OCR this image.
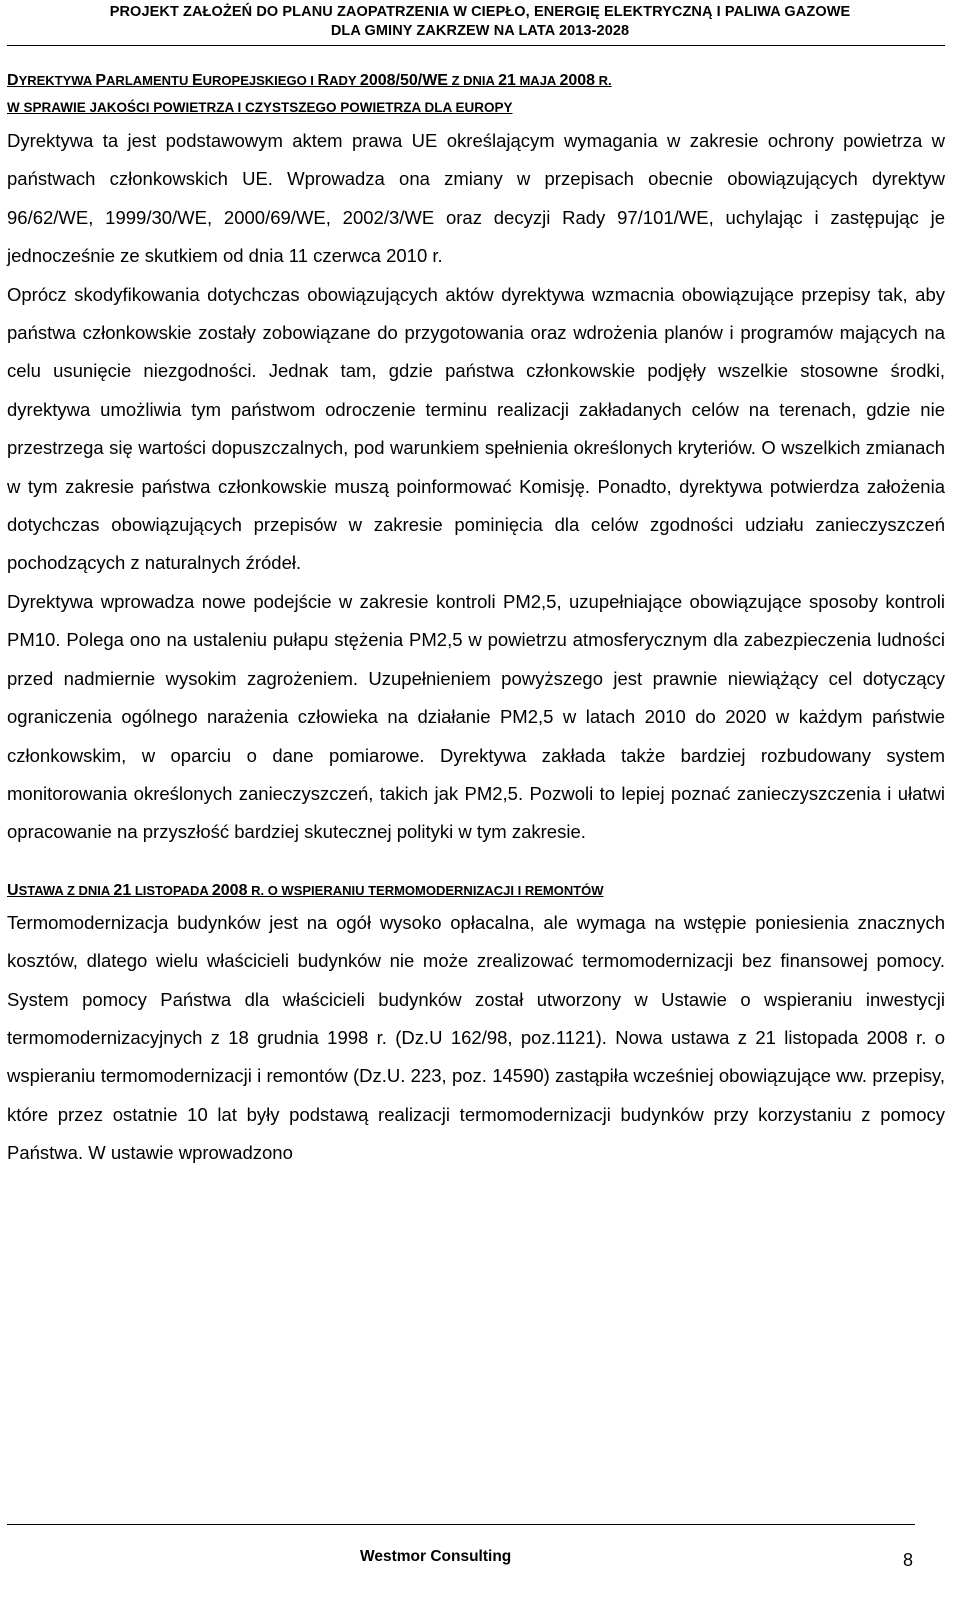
PROJEKT ZAŁOŻEŃ DO PLANU ZAOPATRZENIA W CIEPŁO, ENERGIĘ ELEKTRYCZNĄ I PALIWA GAZOWE
DLA GMINY ZAKRZEW NA LATA 2013-2028
DYREKTYWA PARLAMENTU EUROPEJSKIEGO I RADY 2008/50/WE Z DNIA 21 MAJA 2008 R.
W SPRAWIE JAKOŚCI POWIETRZA I CZYSTSZEGO POWIETRZA DLA EUROPY

Dyrektywa ta jest podstawowym aktem prawa UE określającym wymagania w zakresie ochrony powietrza w państwach członkowskich UE. Wprowadza ona zmiany w przepisach obecnie obowiązujących dyrektyw 96/62/WE, 1999/30/WE, 2000/69/WE, 2002/3/WE oraz decyzji Rady 97/101/WE, uchylając i zastępując je jednocześnie ze skutkiem od dnia 11 czerwca 2010 r.

Oprócz skodyfikowania dotychczas obowiązujących aktów dyrektywa wzmacnia obowiązujące przepisy tak, aby państwa członkowskie zostały zobowiązane do przygotowania oraz wdrożenia planów i programów mających na celu usunięcie niezgodności. Jednak tam, gdzie państwa członkowskie podjęły wszelkie stosowne środki, dyrektywa umożliwia tym państwom odroczenie terminu realizacji zakładanych celów na terenach, gdzie nie przestrzega się wartości dopuszczalnych, pod warunkiem spełnienia określonych kryteriów. O wszelkich zmianach w tym zakresie państwa członkowskie muszą poinformować Komisję. Ponadto, dyrektywa potwierdza założenia dotychczas obowiązujących przepisów w zakresie pominięcia dla celów zgodności udziału zanieczyszczeń pochodzących z naturalnych źródeł.

Dyrektywa wprowadza nowe podejście w zakresie kontroli PM2,5, uzupełniające obowiązujące sposoby kontroli PM10. Polega ono na ustaleniu pułapu stężenia PM2,5 w powietrzu atmosferycznym dla zabezpieczenia ludności przed nadmiernie wysokim zagrożeniem. Uzupełnieniem powyższego jest prawnie niewiążący cel dotyczący ograniczenia ogólnego narażenia człowieka na działanie PM2,5 w latach 2010 do 2020 w każdym państwie członkowskim, w oparciu o dane pomiarowe. Dyrektywa zakłada także bardziej rozbudowany system monitorowania określonych zanieczyszczeń, takich jak PM2,5. Pozwoli to lepiej poznać zanieczyszczenia i ułatwi opracowanie na przyszłość bardziej skutecznej polityki w tym zakresie.

USTAWA Z DNIA 21 LISTOPADA 2008 R. O WSPIERANIU TERMOMODERNIZACJI I REMONTÓW

Termomodernizacja budynków jest na ogół wysoko opłacalna, ale wymaga na wstępie poniesienia znacznych kosztów, dlatego wielu właścicieli budynków nie może zrealizować termomodernizacji bez finansowej pomocy. System pomocy Państwa dla właścicieli budynków został utworzony w Ustawie o wspieraniu inwestycji termomodernizacyjnych z 18 grudnia 1998 r. (Dz.U 162/98, poz.1121). Nowa ustawa z 21 listopada 2008 r. o wspieraniu termomodernizacji i remontów (Dz.U. 223, poz. 14590) zastąpiła wcześniej obowiązujące ww. przepisy, które przez ostatnie 10 lat były podstawą realizacji termomodernizacji budynków przy korzystaniu z pomocy Państwa. W ustawie wprowadzono

Westmor Consulting	8
